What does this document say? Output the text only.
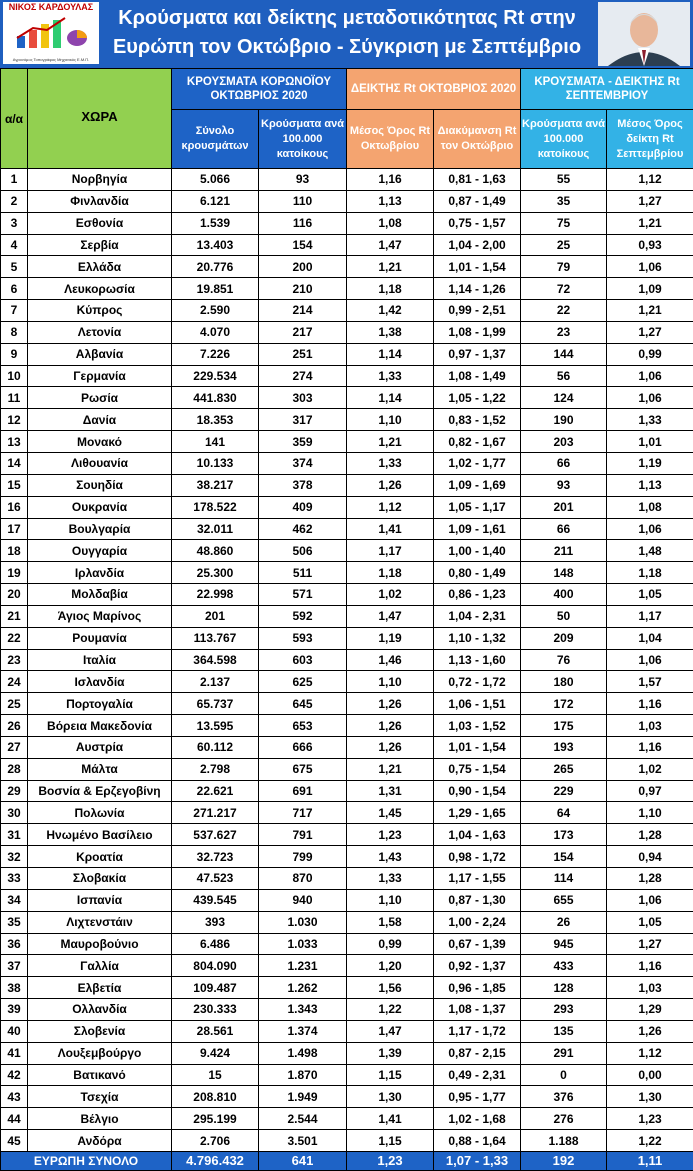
ΝΙΚΟΣ ΚΑΡΔΟΥΛΑΣ
Αγρονόμος Τοπογράφος Μηχανικός Ε.Μ.Π.
Κρούσματα και δείκτης μεταδοτικότητας Rt στην
Ευρώπη τον Οκτώβριο - Σύγκριση με Σεπτέμβριο
α/α	ΧΩΡΑ	ΚΡΟΥΣΜΑΤΑ ΚΟΡΩΝΟΪΟΥ ΟΚΤΩΒΡΙΟΣ 2020		ΔΕΙΚΤΗΣ Rt ΟΚΤΩΒΡΙΟΣ 2020		ΚΡΟΥΣΜΑΤΑ - ΔΕΙΚΤΗΣ Rt ΣΕΠΤΕΜΒΡΙΟΥ	
		Σύνολο κρουσμάτων	Κρούσματα ανά 100.000 κατοίκους	Μέσος Όρος Rt Οκτωβρίου	Διακύμανση Rt τον Οκτώβριο	Κρούσματα ανά 100.000 κατοίκους	Μέσος Όρος δείκτη Rt Σεπτεμβρίου
1	Νορβηγία	5.066	93	1,16	0,81 - 1,63	55	1,12
2	Φινλανδία	6.121	110	1,13	0,87 - 1,49	35	1,27
3	Εσθονία	1.539	116	1,08	0,75 - 1,57	75	1,21
4	Σερβία	13.403	154	1,47	1,04 - 2,00	25	0,93
5	Ελλάδα	20.776	200	1,21	1,01 - 1,54	79	1,06
6	Λευκορωσία	19.851	210	1,18	1,14 - 1,26	72	1,09
7	Κύπρος	2.590	214	1,42	0,99 - 2,51	22	1,21
8	Λετονία	4.070	217	1,38	1,08 - 1,99	23	1,27
9	Αλβανία	7.226	251	1,14	0,97 - 1,37	144	0,99
10	Γερμανία	229.534	274	1,33	1,08 - 1,49	56	1,06
11	Ρωσία	441.830	303	1,14	1,05 - 1,22	124	1,06
12	Δανία	18.353	317	1,10	0,83 - 1,52	190	1,33
13	Μονακό	141	359	1,21	0,82 - 1,67	203	1,01
14	Λιθουανία	10.133	374	1,33	1,02 - 1,77	66	1,19
15	Σουηδία	38.217	378	1,26	1,09 - 1,69	93	1,13
16	Ουκρανία	178.522	409	1,12	1,05 - 1,17	201	1,08
17	Βουλγαρία	32.011	462	1,41	1,09 - 1,61	66	1,06
18	Ουγγαρία	48.860	506	1,17	1,00 - 1,40	211	1,48
19	Ιρλανδία	25.300	511	1,18	0,80 - 1,49	148	1,18
20	Μολδαβία	22.998	571	1,02	0,86 - 1,23	400	1,05
21	Άγιος Μαρίνος	201	592	1,47	1,04 - 2,31	50	1,17
22	Ρουμανία	113.767	593	1,19	1,10 - 1,32	209	1,04
23	Ιταλία	364.598	603	1,46	1,13 - 1,60	76	1,06
24	Ισλανδία	2.137	625	1,10	0,72 - 1,72	180	1,57
25	Πορτογαλία	65.737	645	1,26	1,06 - 1,51	172	1,16
26	Βόρεια Μακεδονία	13.595	653	1,26	1,03 - 1,52	175	1,03
27	Αυστρία	60.112	666	1,26	1,01 - 1,54	193	1,16
28	Μάλτα	2.798	675	1,21	0,75 - 1,54	265	1,02
29	Βοσνία & Ερζεγοβίνη	22.621	691	1,31	0,90 - 1,54	229	0,97
30	Πολωνία	271.217	717	1,45	1,29 - 1,65	64	1,10
31	Ηνωμένο Βασίλειο	537.627	791	1,23	1,04 - 1,63	173	1,28
32	Κροατία	32.723	799	1,43	0,98 - 1,72	154	0,94
33	Σλοβακία	47.523	870	1,33	1,17 - 1,55	114	1,28
34	Ισπανία	439.545	940	1,10	0,87 - 1,30	655	1,06
35	Λιχτενστάιν	393	1.030	1,58	1,00 - 2,24	26	1,05
36	Μαυροβούνιο	6.486	1.033	0,99	0,67 - 1,39	945	1,27
37	Γαλλία	804.090	1.231	1,20	0,92 - 1,37	433	1,16
38	Ελβετία	109.487	1.262	1,56	0,96 - 1,85	128	1,03
39	Ολλανδία	230.333	1.343	1,22	1,08 - 1,37	293	1,29
40	Σλοβενία	28.561	1.374	1,47	1,17 - 1,72	135	1,26
41	Λουξεμβούργο	9.424	1.498	1,39	0,87 - 2,15	291	1,12
42	Βατικανό	15	1.870	1,15	0,49 - 2,31	0	0,00
43	Τσεχία	208.810	1.949	1,30	0,95 - 1,77	376	1,30
44	Βέλγιο	295.199	2.544	1,41	1,02 - 1,68	276	1,23
45	Ανδόρα	2.706	3.501	1,15	0,88 - 1,64	1.188	1,22
ΕΥΡΩΠΗ ΣΥΝΟΛΟ		4.796.432	641	1,23	1,07 - 1,33	192	1,11
